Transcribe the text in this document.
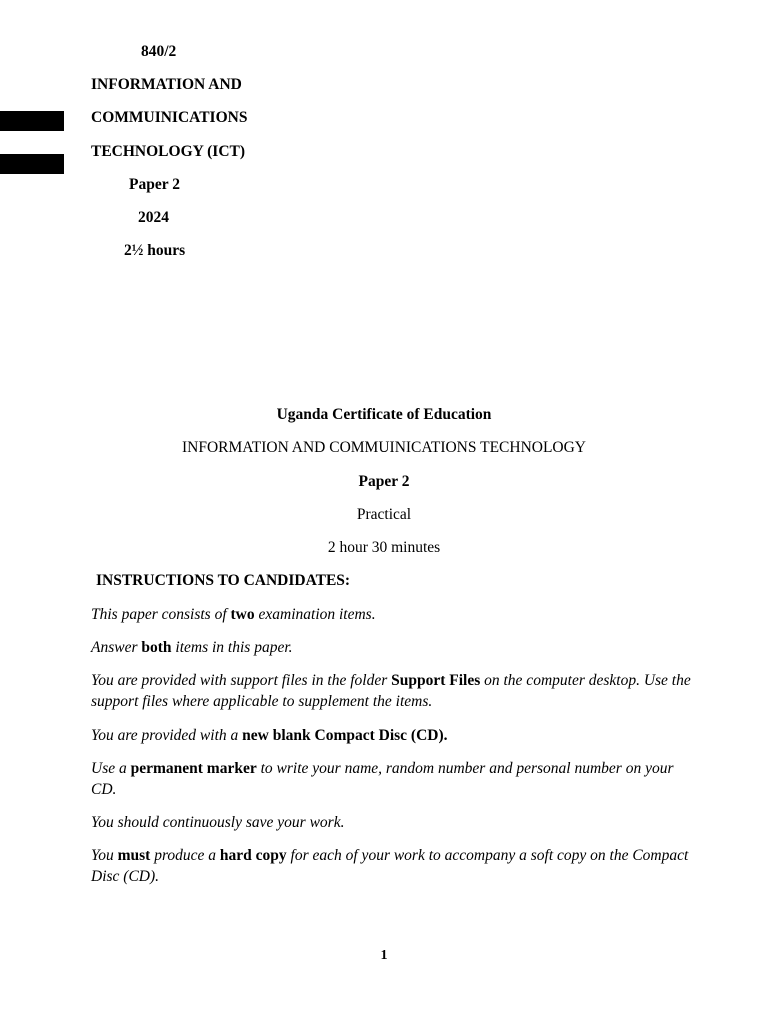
840/2
INFORMATION AND
COMMUINICATIONS
TECHNOLOGY (ICT)
Paper 2
2024
2½ hours
Uganda Certificate of Education
INFORMATION AND COMMUINICATIONS TECHNOLOGY
Paper 2
Practical
2 hour 30 minutes
INSTRUCTIONS TO CANDIDATES:
This paper consists of two examination items.
Answer both items in this paper.
You are provided with support files in the folder Support Files on the computer desktop. Use the support files where applicable to supplement the items.
You are provided with a new blank Compact Disc (CD).
Use a permanent marker to write your name, random number and personal number on your CD.
You should continuously save your work.
You must produce a hard copy for each of your work to accompany a soft copy on the Compact Disc (CD).
1
